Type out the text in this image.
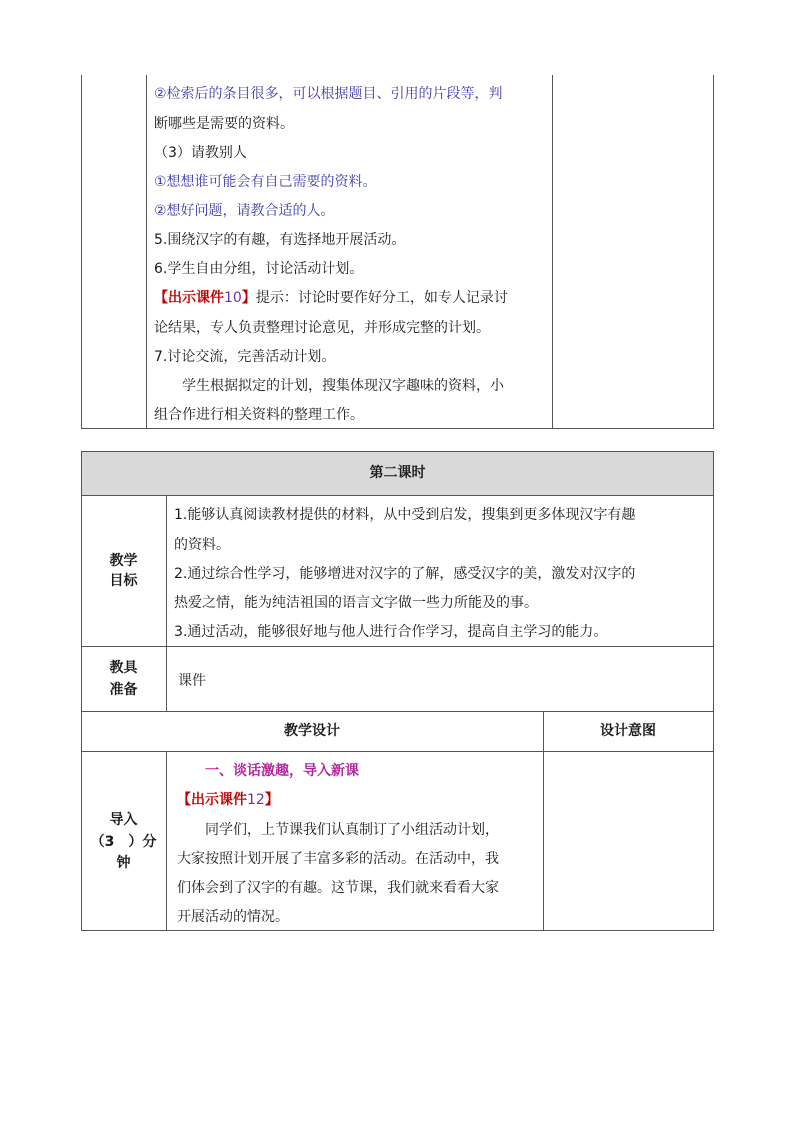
②检索后的条目很多，可以根据题目、引用的片段等，判
断哪些是需要的资料。
（3）请教别人
①想想谁可能会有自己需要的资料。
②想好问题，请教合适的人。
5.围绕汉字的有趣，有选择地开展活动。
6.学生自由分组，讨论活动计划。
【出示课件10】提示：讨论时要作好分工，如专人记录讨
论结果，专人负责整理讨论意见，并形成完整的计划。
7.讨论交流，完善活动计划。
学生根据拟定的计划，搜集体现汉字趣味的资料，小
组合作进行相关资料的整理工作。
第二课时
教学
目标
1.能够认真阅读教材提供的材料，从中受到启发，搜集到更多体现汉字有趣
的资料。
2.通过综合性学习，能够增进对汉字的了解，感受汉字的美，激发对汉字的
热爱之情，能为纯洁祖国的语言文字做一些力所能及的事。
3.通过活动，能够很好地与他人进行合作学习，提高自主学习的能力。
教具
准备
课件
教学设计	设计意图
导入
（3 ）分
钟
一、谈话激趣，导入新课
【出示课件12】
同学们，上节课我们认真制订了小组活动计划，
大家按照计划开展了丰富多彩的活动。在活动中，我
们体会到了汉字的有趣。这节课，我们就来看看大家
开展活动的情况。
